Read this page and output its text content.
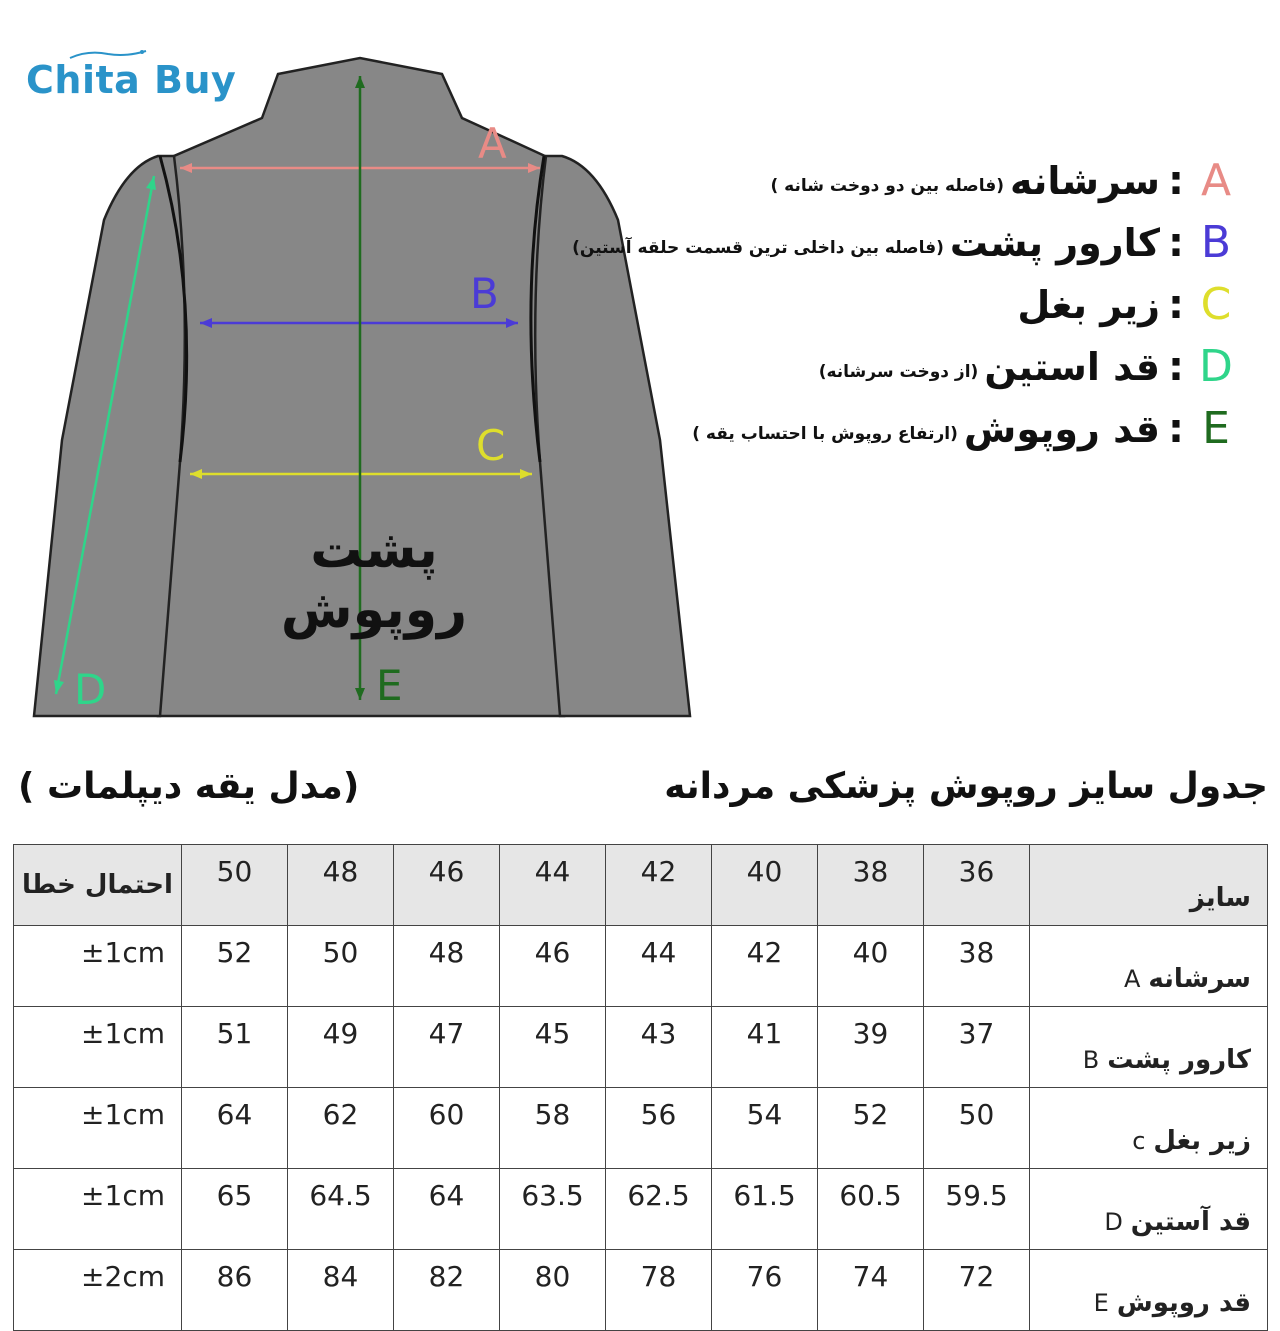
A
B
C
D	E
Chita Buy
پشت روپوش
A
:
سرشانه
(فاصله بین دو دوخت شانه )
B
:
کارور پشت
(فاصله بین داخلی ترین قسمت حلقه آستین)
C
:
زیر بغل
D
:
قد استین
(از دوخت سرشانه)
E
:
قد روپوش
(ارتفاع روپوش با احتساب یقه )
جدول سایز روپوش پزشکی مردانه
(مدل یقه دیپلمات )
احتمال خطا	50	48	46	44	42	40	38	36	سایز
±1cm	52	50	48	46	44	42	40	38	سرشانهA
±1cm	51	49	47	45	43	41	39	37	کارور پشتB
±1cm	64	62	60	58	56	54	52	50	زیر بغلc
±1cm	65	64.5	64	63.5	62.5	61.5	60.5	59.5	قد آستینD
±2cm	86	84	82	80	78	76	74	72	قد روپوشE
